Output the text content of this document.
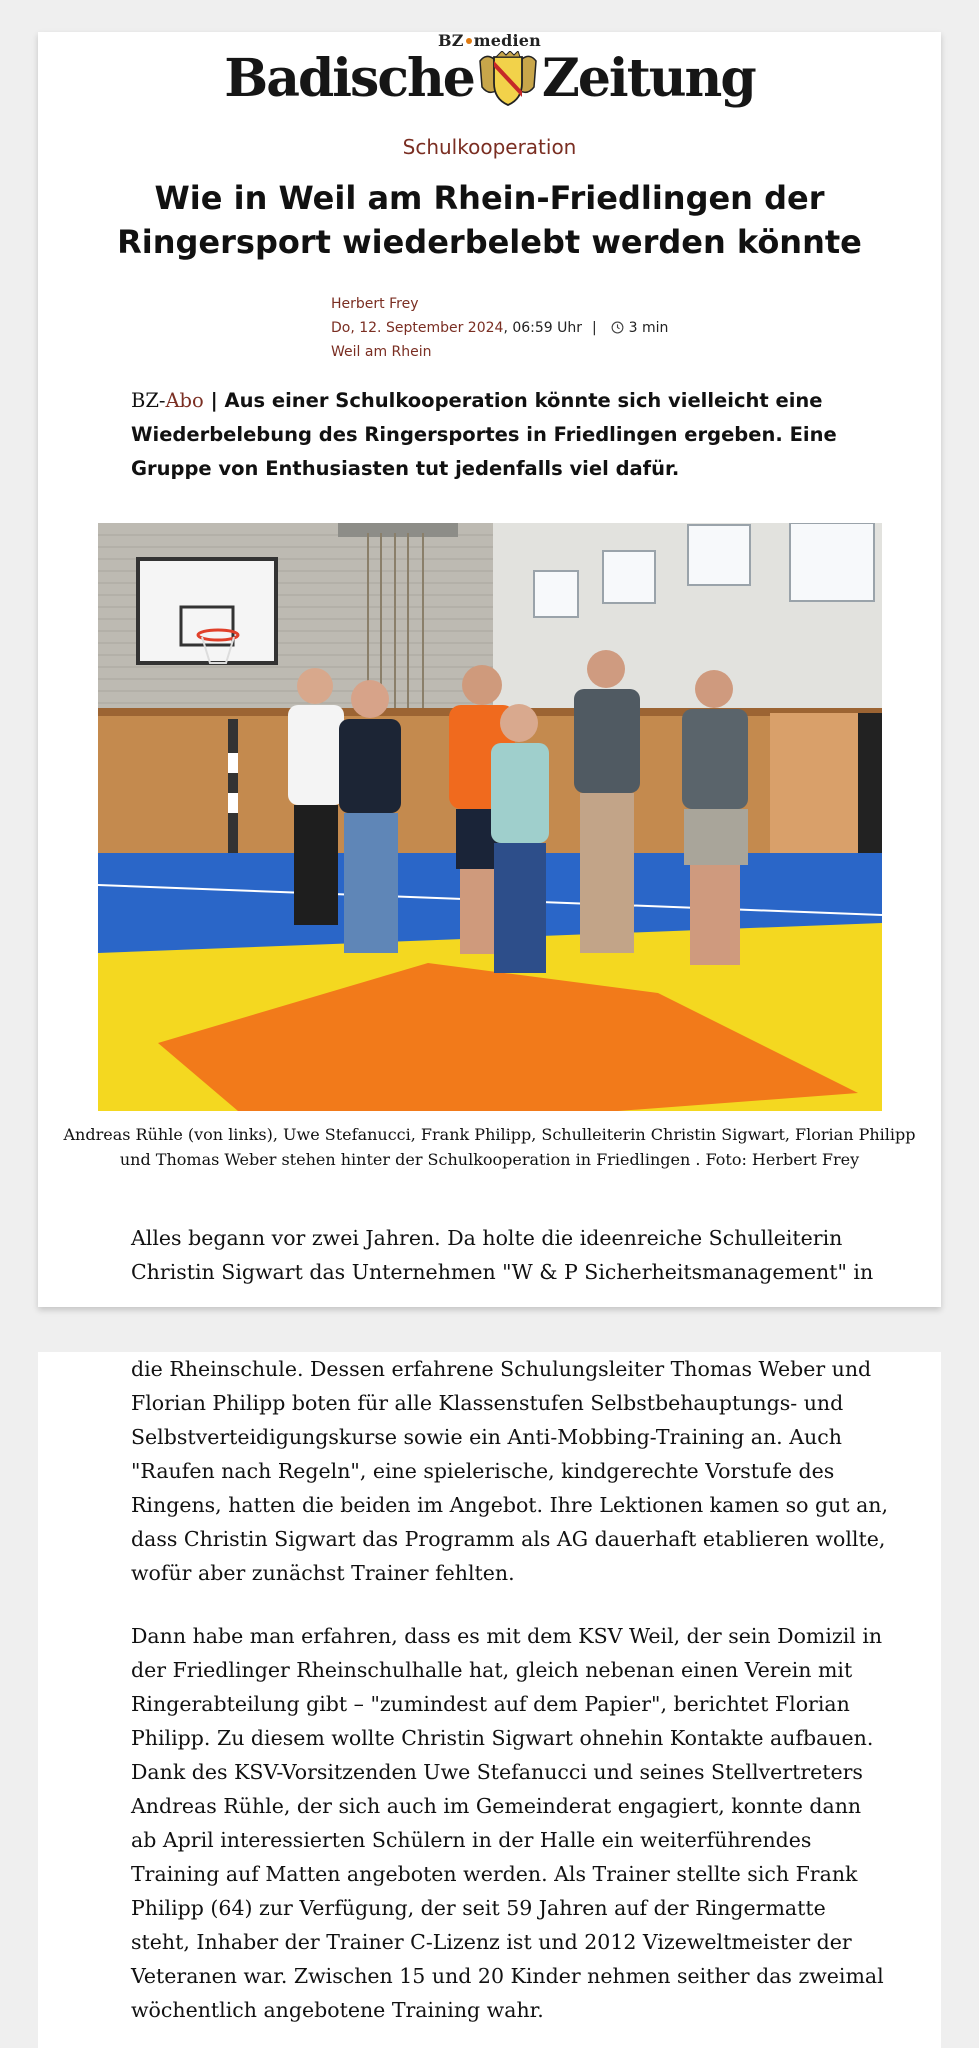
BZ medien
Badische Zeitung
Schulkooperation
Wie in Weil am Rhein-Friedlingen der Ringersport wiederbelebt werden könnte
Herbert Frey
Do, 12. September 2024, 06:59 Uhr | 3 min
Weil am Rhein
BZ-Abo | Aus einer Schulkooperation könnte sich vielleicht eine Wiederbelebung des Ringersportes in Friedlingen ergeben. Eine Gruppe von Enthusiasten tut jedenfalls viel dafür.
Andreas Rühle (von links), Uwe Stefanucci, Frank Philipp, Schulleiterin Christin Sigwart, Florian Philipp und Thomas Weber stehen hinter der Schulkooperation in Friedlingen . Foto: Herbert Frey
Alles begann vor zwei Jahren. Da holte die ideenreiche Schulleiterin Christin Sigwart das Unternehmen "W & P Sicherheitsmanagement" in
die Rheinschule. Dessen erfahrene Schulungsleiter Thomas Weber und Florian Philipp boten für alle Klassenstufen Selbstbehauptungs- und Selbstverteidigungskurse sowie ein Anti-Mobbing-Training an. Auch "Raufen nach Regeln", eine spielerische, kindgerechte Vorstufe des Ringens, hatten die beiden im Angebot. Ihre Lektionen kamen so gut an, dass Christin Sigwart das Programm als AG dauerhaft etablieren wollte, wofür aber zunächst Trainer fehlten.
Dann habe man erfahren, dass es mit dem KSV Weil, der sein Domizil in der Friedlinger Rheinschulhalle hat, gleich nebenan einen Verein mit Ringerabteilung gibt – "zumindest auf dem Papier", berichtet Florian Philipp. Zu diesem wollte Christin Sigwart ohnehin Kontakte aufbauen. Dank des KSV-Vorsitzenden Uwe Stefanucci und seines Stellvertreters Andreas Rühle, der sich auch im Gemeinderat engagiert, konnte dann ab April interessierten Schülern in der Halle ein weiterführendes Training auf Matten angeboten werden. Als Trainer stellte sich Frank Philipp (64) zur Verfügung, der seit 59 Jahren auf der Ringermatte steht, Inhaber der Trainer C-Lizenz ist und 2012 Vizeweltmeister der Veteranen war. Zwischen 15 und 20 Kinder nehmen seither das zweimal wöchentlich angebotene Training wahr.
